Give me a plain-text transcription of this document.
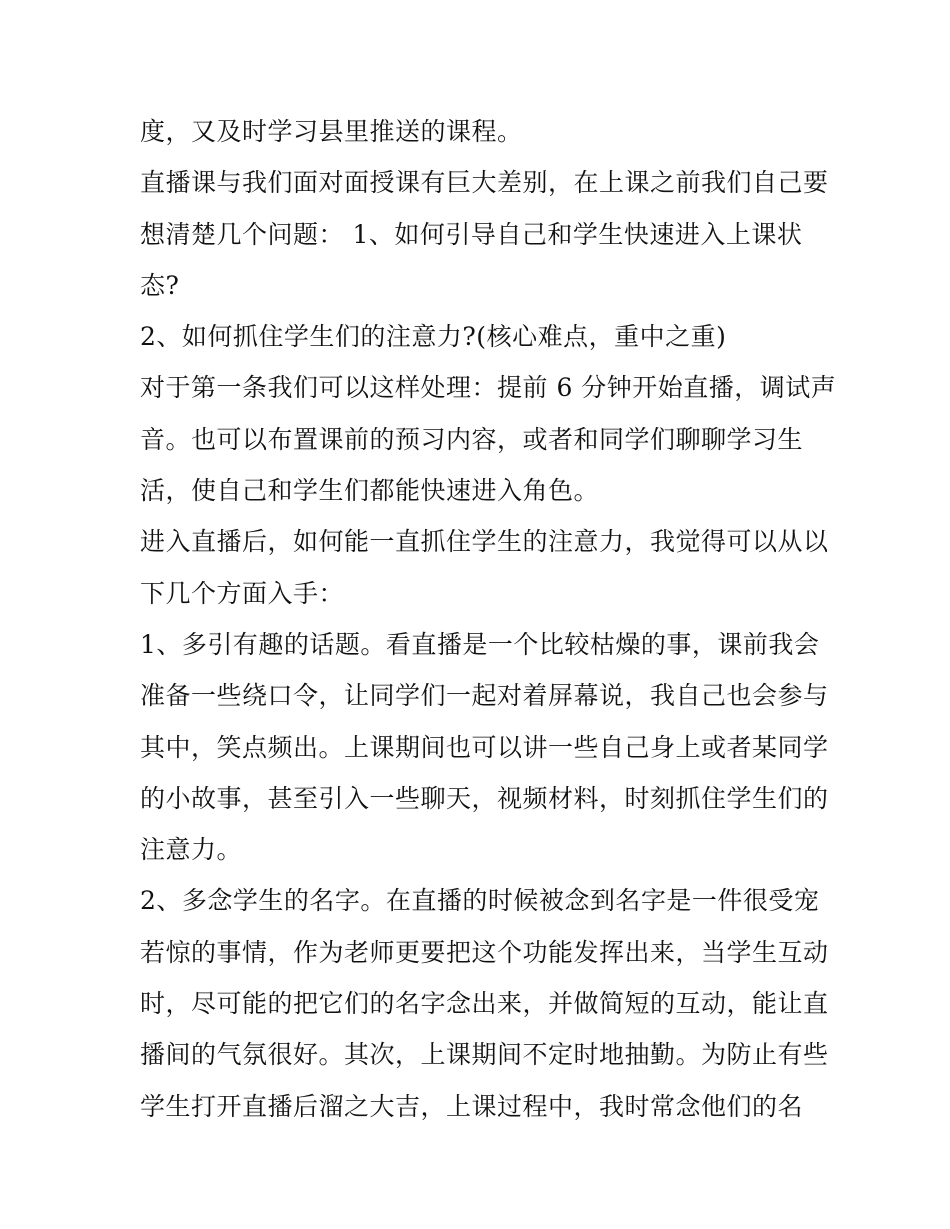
度，又及时学习县里推送的课程。
直播课与我们面对面授课有巨大差别，在上课之前我们自己要
想清楚几个问题： 1、如何引导自己和学生快速进入上课状
态?
2、如何抓住学生们的注意力?(核心难点，重中之重)
对于第一条我们可以这样处理：提前 6 分钟开始直播，调试声
音。也可以布置课前的预习内容，或者和同学们聊聊学习生
活，使自己和学生们都能快速进入角色。
进入直播后，如何能一直抓住学生的注意力，我觉得可以从以
下几个方面入手：
1、多引有趣的话题。看直播是一个比较枯燥的事，课前我会
准备一些绕口令，让同学们一起对着屏幕说，我自己也会参与
其中，笑点频出。上课期间也可以讲一些自己身上或者某同学
的小故事，甚至引入一些聊天，视频材料，时刻抓住学生们的
注意力。
2、多念学生的名字。在直播的时候被念到名字是一件很受宠
若惊的事情，作为老师更要把这个功能发挥出来，当学生互动
时，尽可能的把它们的名字念出来，并做简短的互动，能让直
播间的气氛很好。其次，上课期间不定时地抽勤。为防止有些
学生打开直播后溜之大吉，上课过程中，我时常念他们的名
